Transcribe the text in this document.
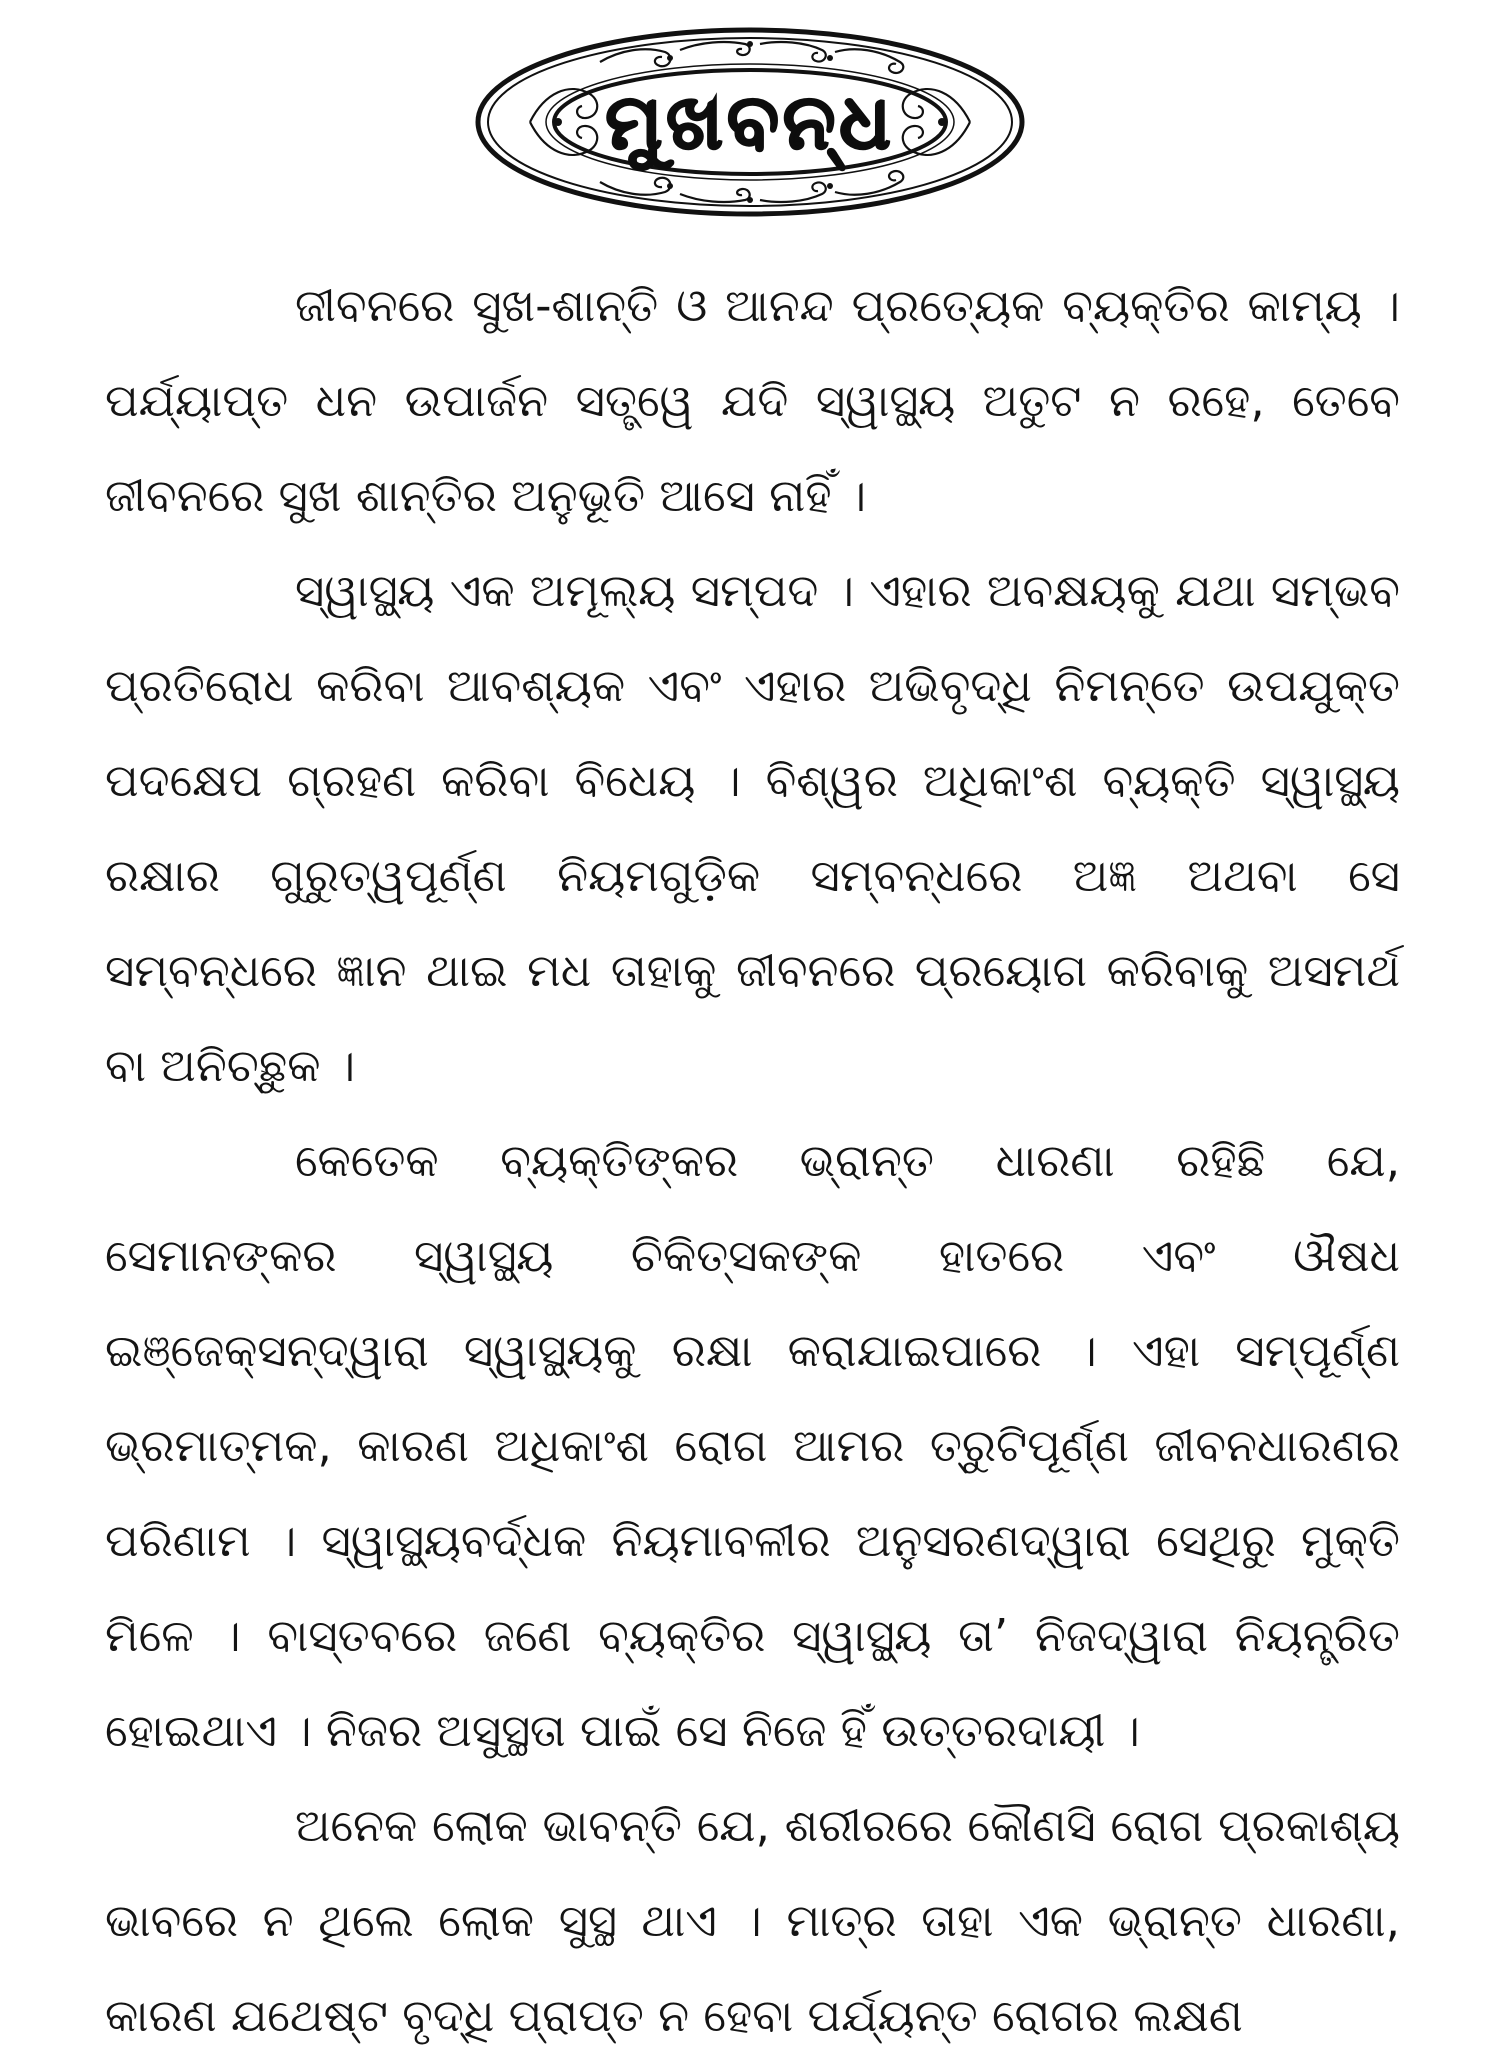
ମୁଖବନ୍ଧ

ଜୀବନରେ ସୁଖ-ଶାନ୍ତି ଓ ଆନନ୍ଦ ପ୍ରତ୍ୟେକ ବ୍ୟକ୍ତିର କାମ୍ୟ । ପର୍ଯ୍ୟାପ୍ତ ଧନ ଉପାର୍ଜନ ସତ୍ତ୍ୱେ ଯଦି ସ୍ୱାସ୍ଥ୍ୟ ଅତୁଟ ନ ରହେ, ତେବେ ଜୀବନରେ ସୁଖ ଶାନ୍ତିର ଅନୁଭୂତି ଆସେ ନାହିଁ ।

ସ୍ୱାସ୍ଥ୍ୟ ଏକ ଅମୂଲ୍ୟ ସମ୍ପଦ । ଏହାର ଅବକ୍ଷୟକୁ ଯଥା ସମ୍ଭବ ପ୍ରତିରୋଧ କରିବା ଆବଶ୍ୟକ ଏବଂ ଏହାର ଅଭିବୃଦ୍ଧି ନିମନ୍ତେ ଉପଯୁକ୍ତ ପଦକ୍ଷେପ ଗ୍ରହଣ କରିବା ବିଧେୟ । ବିଶ୍ୱର ଅଧିକାଂଶ ବ୍ୟକ୍ତି ସ୍ୱାସ୍ଥ୍ୟ ରକ୍ଷାର ଗୁରୁତ୍ୱପୂର୍ଣ୍ଣ ନିୟମଗୁଡ଼ିକ ସମ୍ବନ୍ଧରେ ଅଜ୍ଞ ଅଥବା ସେ ସମ୍ବନ୍ଧରେ ଜ୍ଞାନ ଥାଇ ମଧ ତାହାକୁ ଜୀବନରେ ପ୍ରୟୋଗ କରିବାକୁ ଅସମର୍ଥ ବା ଅନିଚ୍ଛୁକ ।

କେତେକ ବ୍ୟକ୍ତିଙ୍କର ଭ୍ରାନ୍ତ ଧାରଣା ରହିଛି ଯେ, ସେମାନଙ୍କର ସ୍ୱାସ୍ଥ୍ୟ ଚିକିତ୍ସକଙ୍କ ହାତରେ ଏବଂ ଔଷଧ ଇଞ୍ଜେକ୍‌ସନ୍‌ଦ୍ୱାରା ସ୍ୱାସ୍ଥ୍ୟକୁ ରକ୍ଷା କରାଯାଇପାରେ । ଏହା ସମ୍ପୂର୍ଣ୍ଣ ଭ୍ରମାତ୍ମକ, କାରଣ ଅଧିକାଂଶ ରୋଗ ଆମର ତ୍ରୁଟିପୂର୍ଣ୍ଣ ଜୀବନଧାରଣର ପରିଣାମ । ସ୍ୱାସ୍ଥ୍ୟବର୍ଦ୍ଧକ ନିୟମାବଳୀର ଅନୁସରଣଦ୍ୱାରା ସେଥିରୁ ମୁକ୍ତି ମିଳେ । ବାସ୍ତବରେ ଜଣେ ବ୍ୟକ୍ତିର ସ୍ୱାସ୍ଥ୍ୟ ତା’ ନିଜଦ୍ୱାରା ନିୟନ୍ତ୍ରିତ ହୋଇଥାଏ । ନିଜର ଅସୁସ୍ଥତା ପାଇଁ ସେ ନିଜେ ହିଁ ଉତ୍ତରଦାୟୀ ।

ଅନେକ ଲୋକ ଭାବନ୍ତି ଯେ, ଶରୀରରେ କୌଣସି ରୋଗ ପ୍ରକାଶ୍ୟ ଭାବରେ ନ ଥିଲେ ଲୋକ ସୁସ୍ଥ ଥାଏ । ମାତ୍ର ତାହା ଏକ ଭ୍ରାନ୍ତ ଧାରଣା, କାରଣ ଯଥେଷ୍ଟ ବୃଦ୍ଧି ପ୍ରାପ୍ତ ନ ହେବା ପର୍ଯ୍ୟନ୍ତ ରୋଗର ଲକ୍ଷଣ
